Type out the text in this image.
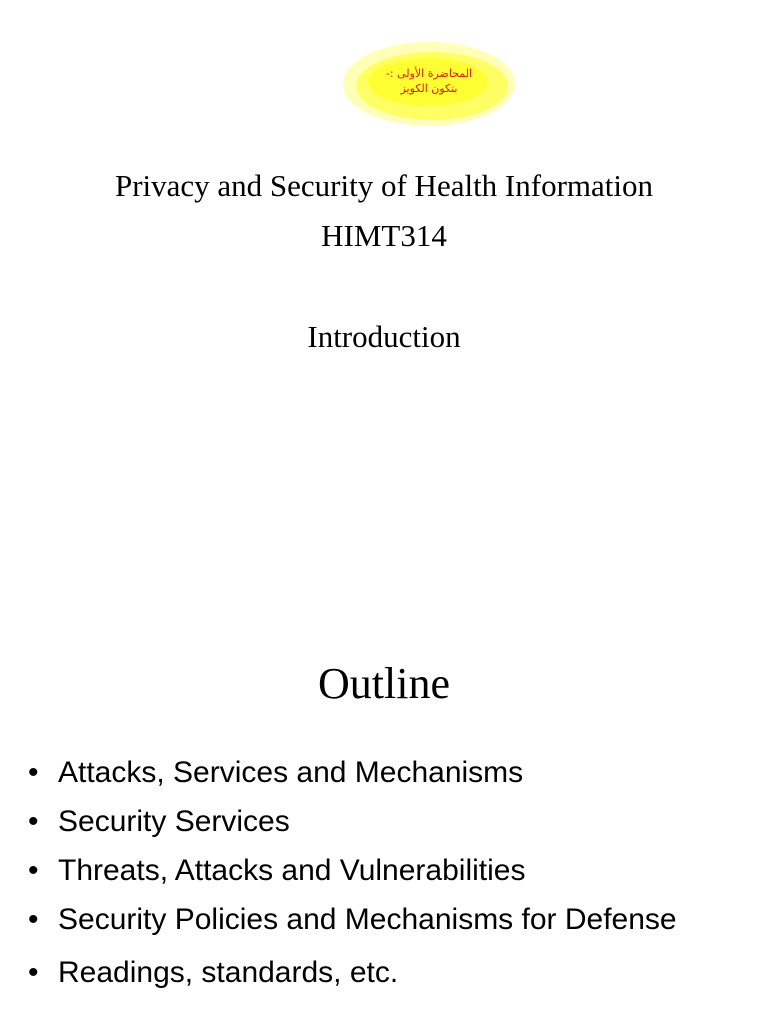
المحاضرة الأولى :-
بتكون الكويز
Privacy and Security of Health Information
HIMT314
Introduction
Outline
• Attacks, Services and Mechanisms
• Security Services
• Threats, Attacks and Vulnerabilities
• Security Policies and Mechanisms for Defense
• Readings, standards, etc.
